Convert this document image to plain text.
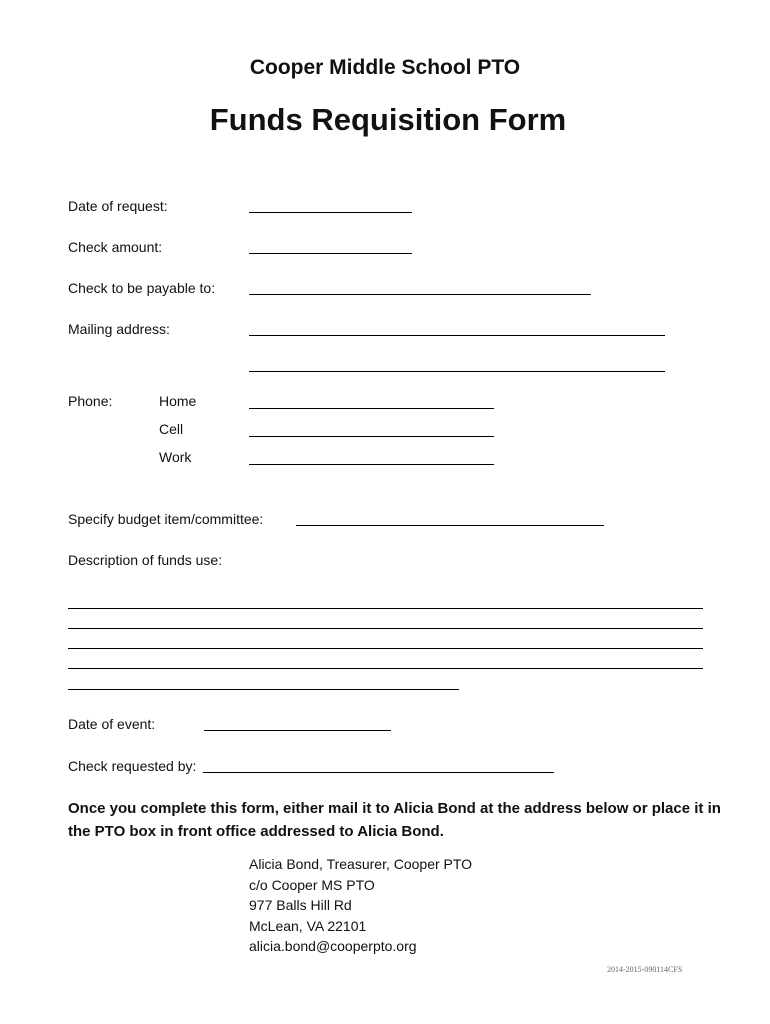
Cooper Middle School PTO
Funds Requisition Form
Date of request:
Check amount:
Check to be payable to:
Mailing address:
Phone:	Home
Cell
Work
Specify budget item/committee:
Description of funds use:
Date of event:
Check requested by:
Once you complete this form, either mail it to Alicia Bond at the address below or place it in the PTO box in front office addressed to Alicia Bond.
Alicia Bond, Treasurer, Cooper PTO
c/o Cooper MS PTO
977 Balls Hill Rd
McLean, VA 22101
alicia.bond@cooperpto.org
2014-2015-090114CFS
